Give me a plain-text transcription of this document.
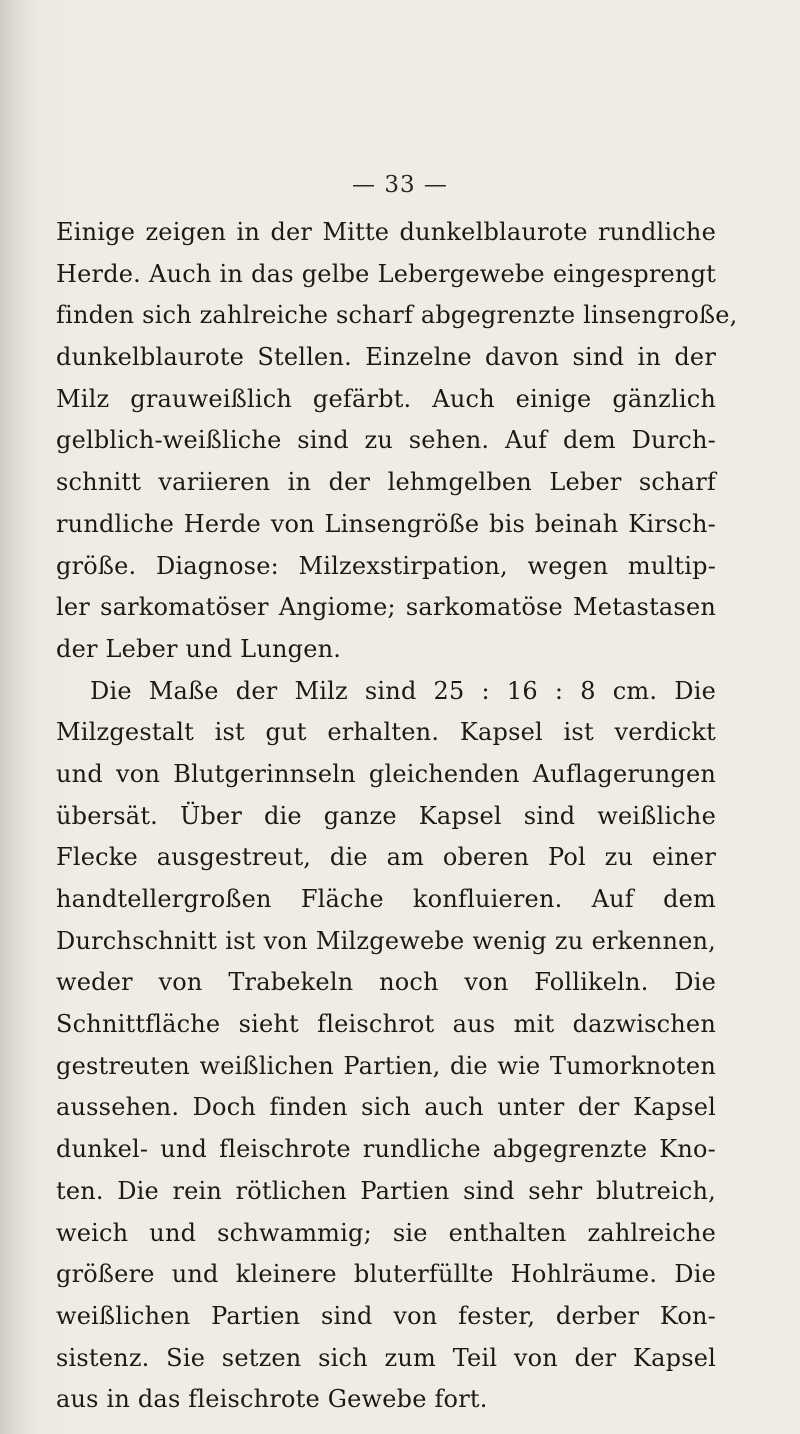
— 33 —
Einige zeigen in der Mitte dunkelblaurote rundliche
Herde. Auch in das gelbe Lebergewebe eingesprengt
finden sich zahlreiche scharf abgegrenzte linsengroße,
dunkelblaurote Stellen. Einzelne davon sind in der
Milz grauweißlich gefärbt. Auch einige gänzlich
gelblich-weißliche sind zu sehen. Auf dem Durch-
schnitt variieren in der lehmgelben Leber scharf
rundliche Herde von Linsengröße bis beinah Kirsch-
größe. Diagnose: Milzexstirpation, wegen multip-
ler sarkomatöser Angiome; sarkomatöse Metastasen
der Leber und Lungen.
Die Maße der Milz sind 25 : 16 : 8 cm. Die
Milzgestalt ist gut erhalten. Kapsel ist verdickt
und von Blutgerinnseln gleichenden Auflagerungen
übersät. Über die ganze Kapsel sind weißliche
Flecke ausgestreut, die am oberen Pol zu einer
handtellergroßen Fläche konfluieren. Auf dem
Durchschnitt ist von Milzgewebe wenig zu erkennen,
weder von Trabekeln noch von Follikeln. Die
Schnittfläche sieht fleischrot aus mit dazwischen
gestreuten weißlichen Partien, die wie Tumorknoten
aussehen. Doch finden sich auch unter der Kapsel
dunkel- und fleischrote rundliche abgegrenzte Kno-
ten. Die rein rötlichen Partien sind sehr blutreich,
weich und schwammig; sie enthalten zahlreiche
größere und kleinere bluterfüllte Hohlräume. Die
weißlichen Partien sind von fester, derber Kon-
sistenz. Sie setzen sich zum Teil von der Kapsel
aus in das fleischrote Gewebe fort.
